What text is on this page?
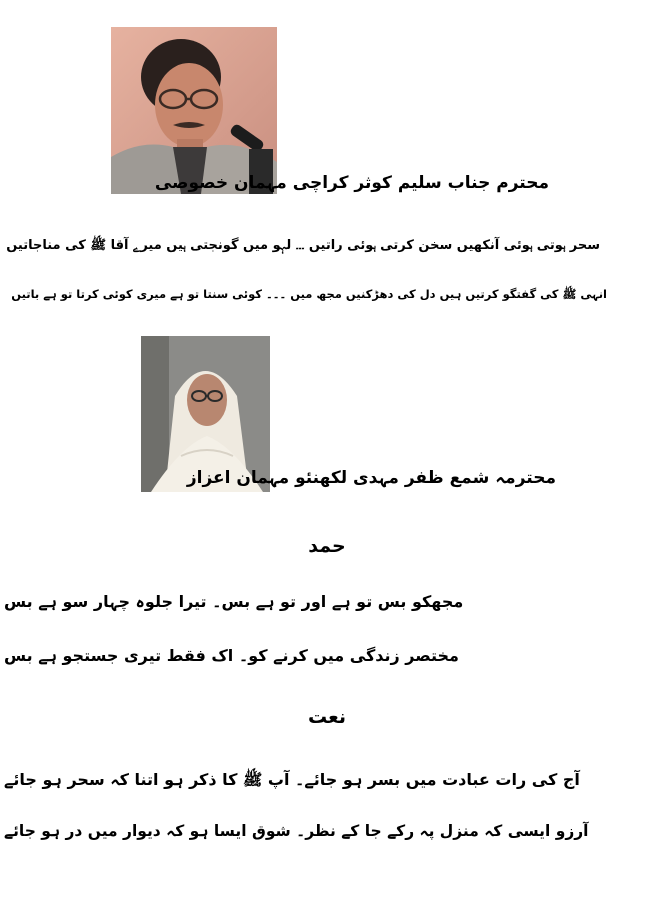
محترم جناب سلیم کوثر کراچی مہمان خصوصی
سحر ہوتی ہوئی آنکھیں سخن کرتی ہوئی راتیں ۔۔۔ لہو میں گونجتی ہیں میرے آقا ﷺ کی مناجاتیں
انہی ﷺ کی گفتگو کرتیں ہیں دل کی دھڑکنیں مجھ میں ۔۔۔ کوئی سنتا تو ہے میری کوئی کرتا تو ہے باتیں
محترمہ شمع ظفر مہدی لکھنئو مہمان اعزاز
حمد
مجھکو بس تو ہے اور تو ہے بس۔ تیرا جلوہ چہار سو ہے بس
مختصر زندگی میں کرنے کو۔ اک فقط تیری جستجو ہے بس
نعت
آج کی رات عبادت میں بسر ہو جائے۔ آپ ﷺ کا ذکر ہو اتنا کہ سحر ہو جائے
آرزو ایسی کہ منزل پہ رکے جا کے نظر۔ شوق ایسا ہو کہ دیوار میں در ہو جائے
